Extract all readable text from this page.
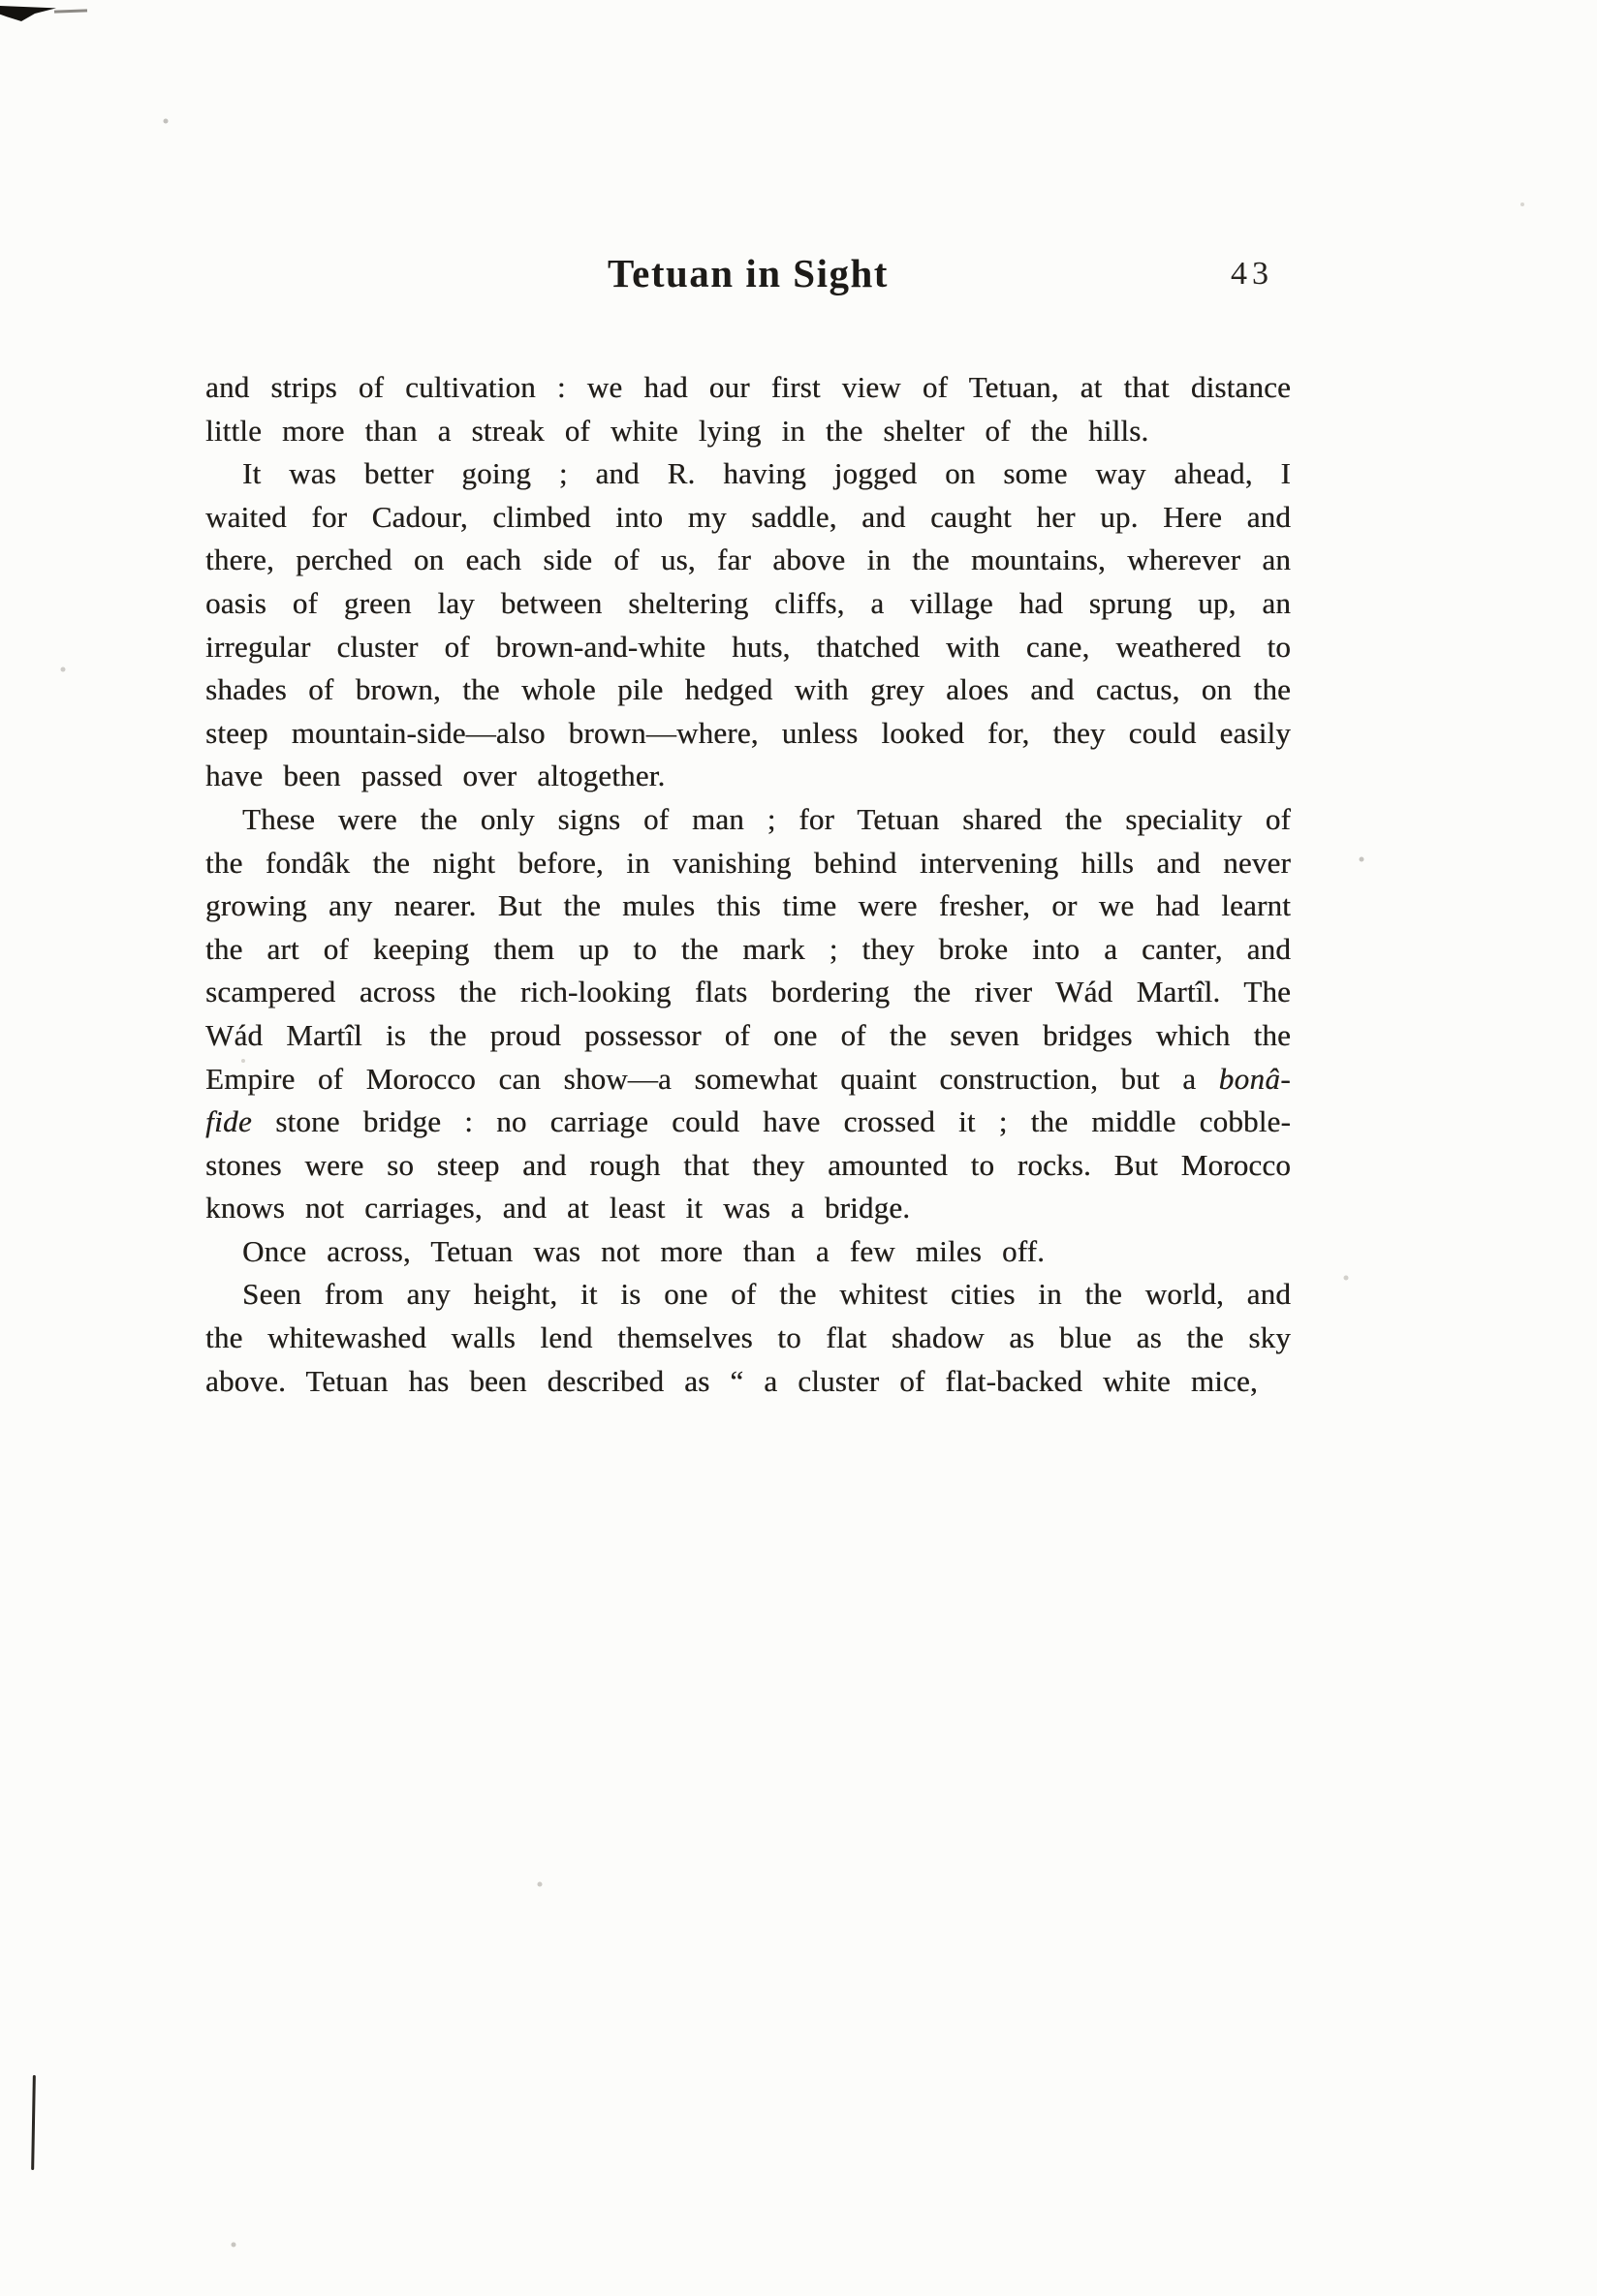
Tetuan in Sight	43

and strips of cultivation : we had our first view of Tetuan, at that distance little more than a streak of white lying in the shelter of the hills.

It was better going ; and R. having jogged on some way ahead, I waited for Cadour, climbed into my saddle, and caught her up. Here and there, perched on each side of us, far above in the mountains, wherever an oasis of green lay between sheltering cliffs, a village had sprung up, an irregular cluster of brown-and-white huts, thatched with cane, weathered to shades of brown, the whole pile hedged with grey aloes and cactus, on the steep mountain-side—also brown—where, unless looked for, they could easily have been passed over altogether.

These were the only signs of man ; for Tetuan shared the speciality of the fondâk the night before, in vanishing behind intervening hills and never growing any nearer. But the mules this time were fresher, or we had learnt the art of keeping them up to the mark ; they broke into a canter, and scampered across the rich-looking flats bordering the river Wád Martîl. The Wád Martîl is the proud possessor of one of the seven bridges which the Empire of Morocco can show—a somewhat quaint construction, but a bonâ-fide stone bridge : no carriage could have crossed it ; the middle cobble-stones were so steep and rough that they amounted to rocks. But Morocco knows not carriages, and at least it was a bridge.

Once across, Tetuan was not more than a few miles off.

Seen from any height, it is one of the whitest cities in the world, and the whitewashed walls lend themselves to flat shadow as blue as the sky above. Tetuan has been described as “ a cluster of flat-backed white mice,
